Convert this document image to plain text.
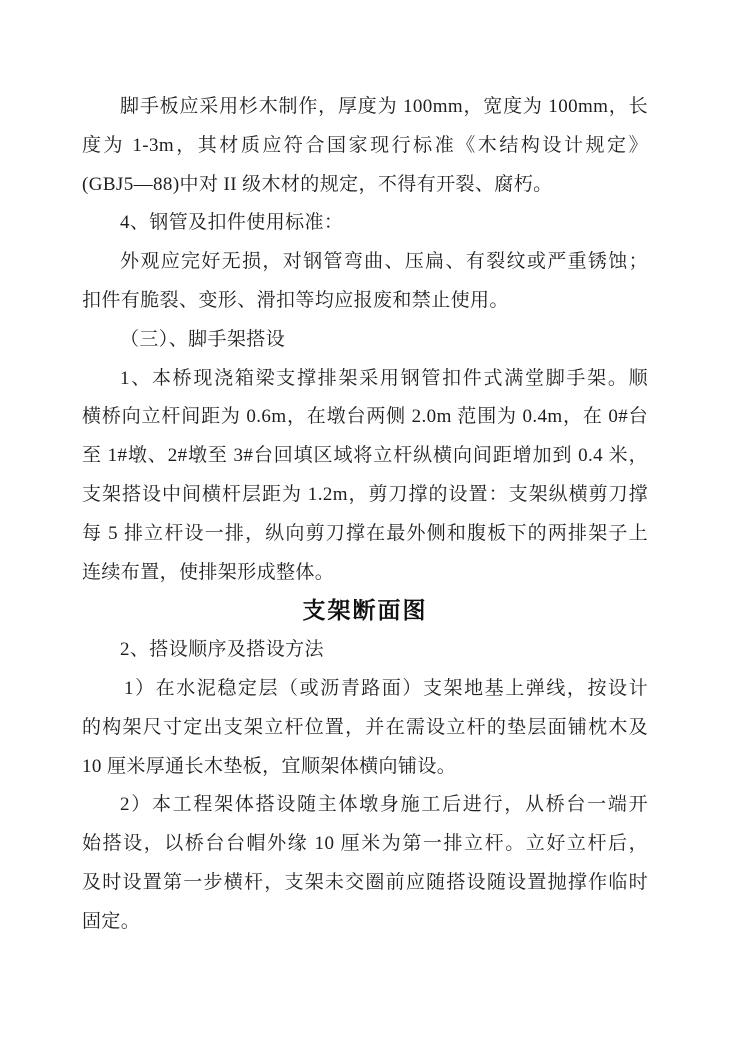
脚手板应采用杉木制作，厚度为 100mm，宽度为 100mm，长
度为 1-3m，其材质应符合国家现行标准《木结构设计规定》
(GBJ5—88)中对 II 级木材的规定，不得有开裂、腐朽。
4、钢管及扣件使用标准：
外观应完好无损，对钢管弯曲、压扁、有裂纹或严重锈蚀；
扣件有脆裂、变形、滑扣等均应报废和禁止使用。
（三）、脚手架搭设
1、本桥现浇箱梁支撑排架采用钢管扣件式满堂脚手架。顺
横桥向立杆间距为 0.6m，在墩台两侧 2.0m 范围为 0.4m，在 0#台
至 1#墩、2#墩至 3#台回填区域将立杆纵横向间距增加到 0.4 米，
支架搭设中间横杆层距为 1.2m，剪刀撑的设置：支架纵横剪刀撑
每 5 排立杆设一排，纵向剪刀撑在最外侧和腹板下的两排架子上
连续布置，使排架形成整体。
支架断面图
2、搭设顺序及搭设方法
1）在水泥稳定层（或沥青路面）支架地基上弹线，按设计
的构架尺寸定出支架立杆位置，并在需设立杆的垫层面铺枕木及
10 厘米厚通长木垫板，宜顺架体横向铺设。
2）本工程架体搭设随主体墩身施工后进行，从桥台一端开
始搭设，以桥台台帽外缘 10 厘米为第一排立杆。立好立杆后，
及时设置第一步横杆，支架未交圈前应随搭设随设置抛撑作临时
固定。
